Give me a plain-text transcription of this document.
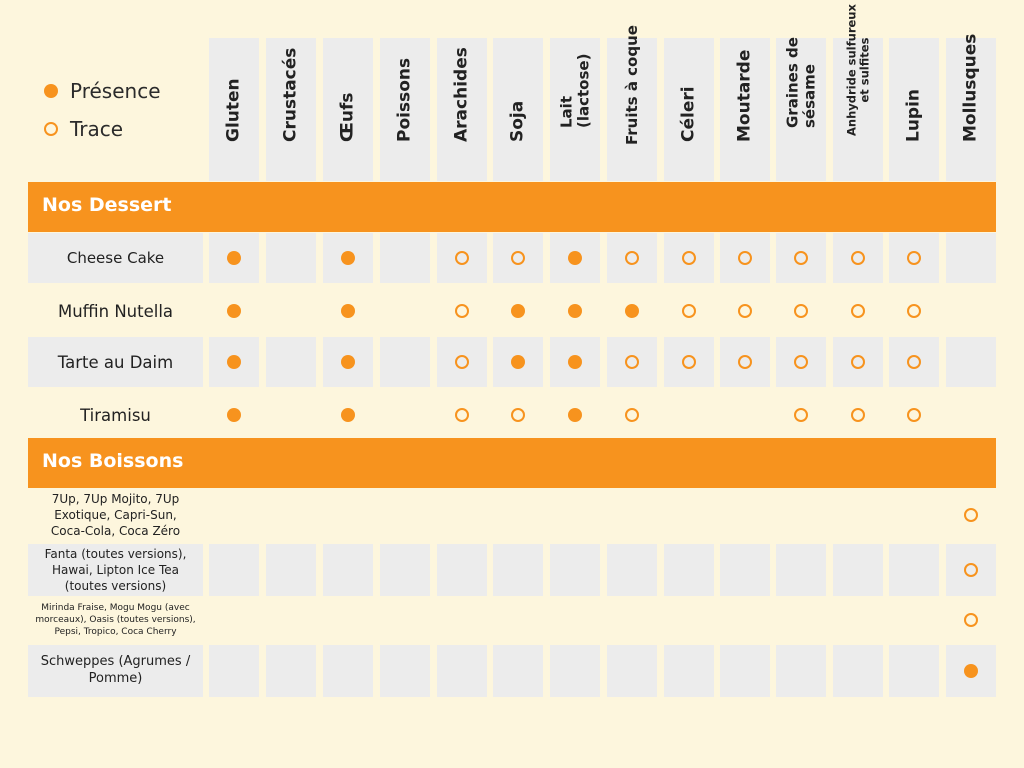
Présence
Trace	Gluten Crustacés Œufs Poissons Arachides Soja Lait
(lactose) Fruits à coque Céleri Moutarde Graines de
sésame Anhydride sulfureux
et sulfites
Lupin Mollusques
Nos Dessert
Cheese Cake
Muffin Nutella
Tarte au Daim
Tiramisu
Nos Boissons
7Up, 7Up Mojito, 7Up
Exotique, Capri-Sun,
Coca-Cola, Coca Zéro
Fanta (toutes versions),
Hawai, Lipton Ice Tea
(toutes versions)
Mirinda Fraise, Mogu Mogu (avec
morceaux), Oasis (toutes versions),
Pepsi, Tropico, Coca Cherry
Schweppes (Agrumes /
Pomme)
